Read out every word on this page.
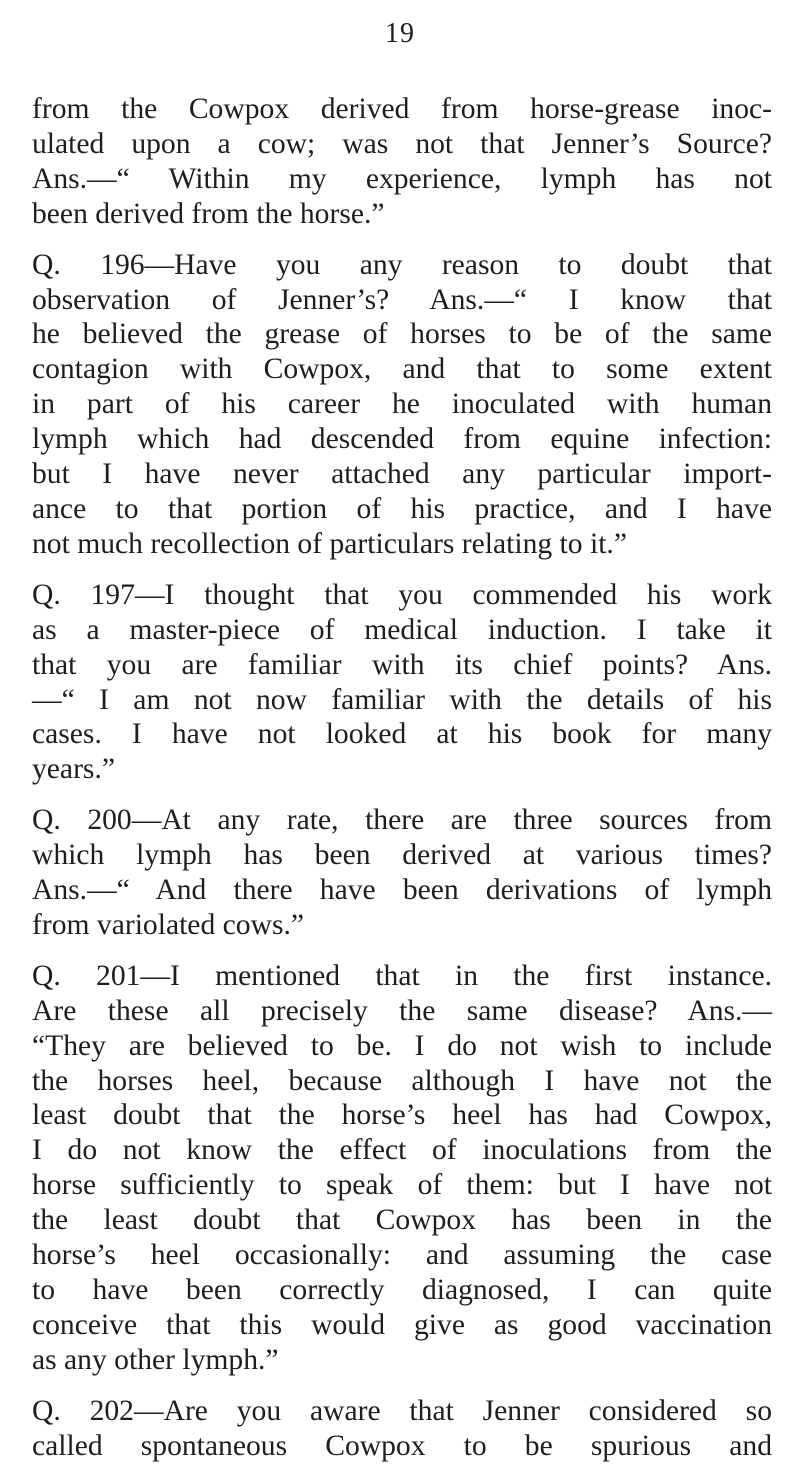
19
from the Cowpox derived from horse-grease inoc-
ulated upon a cow; was not that Jenner’s Source?
Ans.—“ Within my experience, lymph has not
been derived from the horse.”
Q. 196—Have you any reason to doubt that
observation of Jenner’s? Ans.—“ I know that
he believed the grease of horses to be of the same
contagion with Cowpox, and that to some extent
in part of his career he inoculated with human
lymph which had descended from equine infection:
but I have never attached any particular import-
ance to that portion of his practice, and I have
not much recollection of particulars relating to it.”
Q. 197—I thought that you commended his work
as a master-piece of medical induction. I take it
that you are familiar with its chief points? Ans.
—“ I am not now familiar with the details of his
cases. I have not looked at his book for many
years.”
Q. 200—At any rate, there are three sources from
which lymph has been derived at various times?
Ans.—“ And there have been derivations of lymph
from variolated cows.”
Q. 201—I mentioned that in the first instance.
Are these all precisely the same disease? Ans.—
“They are believed to be. I do not wish to include
the horses heel, because although I have not the
least doubt that the horse’s heel has had Cowpox,
I do not know the effect of inoculations from the
horse sufficiently to speak of them: but I have not
the least doubt that Cowpox has been in the
horse’s heel occasionally: and assuming the case
to have been correctly diagnosed, I can quite
conceive that this would give as good vaccination
as any other lymph.”
Q. 202—Are you aware that Jenner considered so
called spontaneous Cowpox to be spurious and
